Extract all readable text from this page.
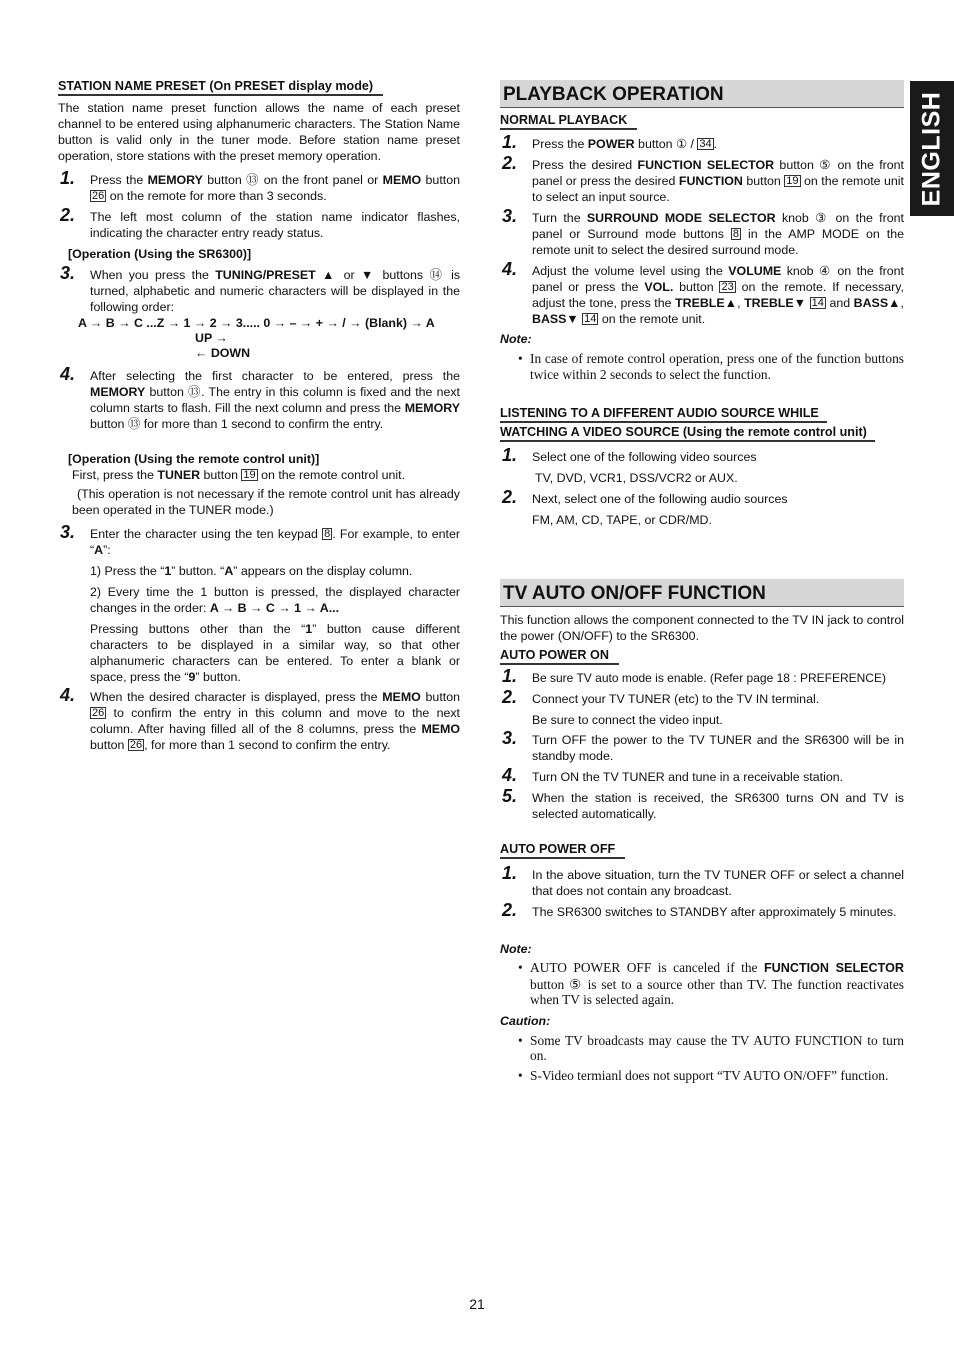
ENGLISH
STATION NAME PRESET (On PRESET display mode)

The station name preset function allows the name of each preset channel to be entered using alphanumeric characters. The Station Name button is valid only in the tuner mode. Before station name preset operation, store stations with the preset memory operation.

1. Press the MEMORY button ⑬ on the front panel or MEMO button 26 on the remote for more than 3 seconds.
2. The left most column of the station name indicator flashes, indicating the character entry ready status.
[Operation (Using the SR6300)]
3. When you press the TUNING/PRESET ▲ or ▼ buttons ⑭ is turned, alphabetic and numeric characters will be displayed in the following order:
A → B → C ...Z → 1 → 2 → 3..... 0 → – → + → / → (Blank) → A
UP →
← DOWN
4. After selecting the first character to be entered, press the MEMORY button ⑬. The entry in this column is fixed and the next column starts to flash. Fill the next column and press the MEMORY button ⑬ for more than 1 second to confirm the entry.
[Operation (Using the remote control unit)]

First, press the TUNER button 19 on the remote control unit.

(This operation is not necessary if the remote control unit has already been operated in the TUNER mode.)

3. Enter the character using the ten keypad 8 . For example, to enter “A”:
1) Press the “1” button. “A” appears on the display column.
2) Every time the 1 button is pressed, the displayed character changes in the order: A → B → C → 1 → A...
Pressing buttons other than the “1” button cause different characters to be displayed in a similar way, so that other alphanumeric characters can be entered. To enter a blank or space, press the “9” button.
4. When the desired character is displayed, press the MEMO button 26 to confirm the entry in this column and move to the next column. After having filled all of the 8 columns, press the MEMO button 26 , for more than 1 second to confirm the entry.
PLAYBACK OPERATION
NORMAL PLAYBACK
1. Press the POWER button ① / 34 .
2. Press the desired FUNCTION SELECTOR button ⑤ on the front panel or press the desired FUNCTION button 19 on the remote unit to select an input source.
3. Turn the SURROUND MODE SELECTOR knob ③ on the front panel or Surround mode buttons 8 in the AMP MODE on the remote unit to select the desired surround mode.
4. Adjust the volume level using the VOLUME knob ④ on the front panel or press the VOL. button 23 on the remote. If necessary, adjust the tone, press the TREBLE▲, TREBLE▼ 14 and BASS▲, BASS▼ 14 on the remote unit.
Note:
• In case of remote control operation, press one of the function buttons twice within 2 seconds to select the function.
LISTENING TO A DIFFERENT AUDIO SOURCE WHILE
WATCHING A VIDEO SOURCE (Using the remote control unit)
1. Select one of the following video sources
TV, DVD, VCR1, DSS/VCR2 or AUX.
2. Next, select one of the following audio sources
FM, AM, CD, TAPE, or CDR/MD.
TV AUTO ON/OFF FUNCTION

This function allows the component connected to the TV IN jack to control the power (ON/OFF) to the SR6300.

AUTO POWER ON
1. Be sure TV auto mode is enable. (Refer page 18 : PREFERENCE)
2. Connect your TV TUNER (etc) to the TV IN terminal.
Be sure to connect the video input.
3. Turn OFF the power to the TV TUNER and the SR6300 will be in standby mode.
4. Turn ON the TV TUNER and tune in a receivable station.
5. When the station is received, the SR6300 turns ON and TV is selected automatically.
AUTO POWER OFF
1. In the above situation, turn the TV TUNER OFF or select a channel that does not contain any broadcast.
2. The SR6300 switches to STANDBY after approximately 5 minutes.
Note:
• AUTO POWER OFF is canceled if the FUNCTION SELECTOR button ⑤ is set to a source other than TV. The function reactivates when TV is selected again.
Caution:
• Some TV broadcasts may cause the TV AUTO FUNCTION to turn on.
• S-Video termianl does not support “TV AUTO ON/OFF” function.
21
